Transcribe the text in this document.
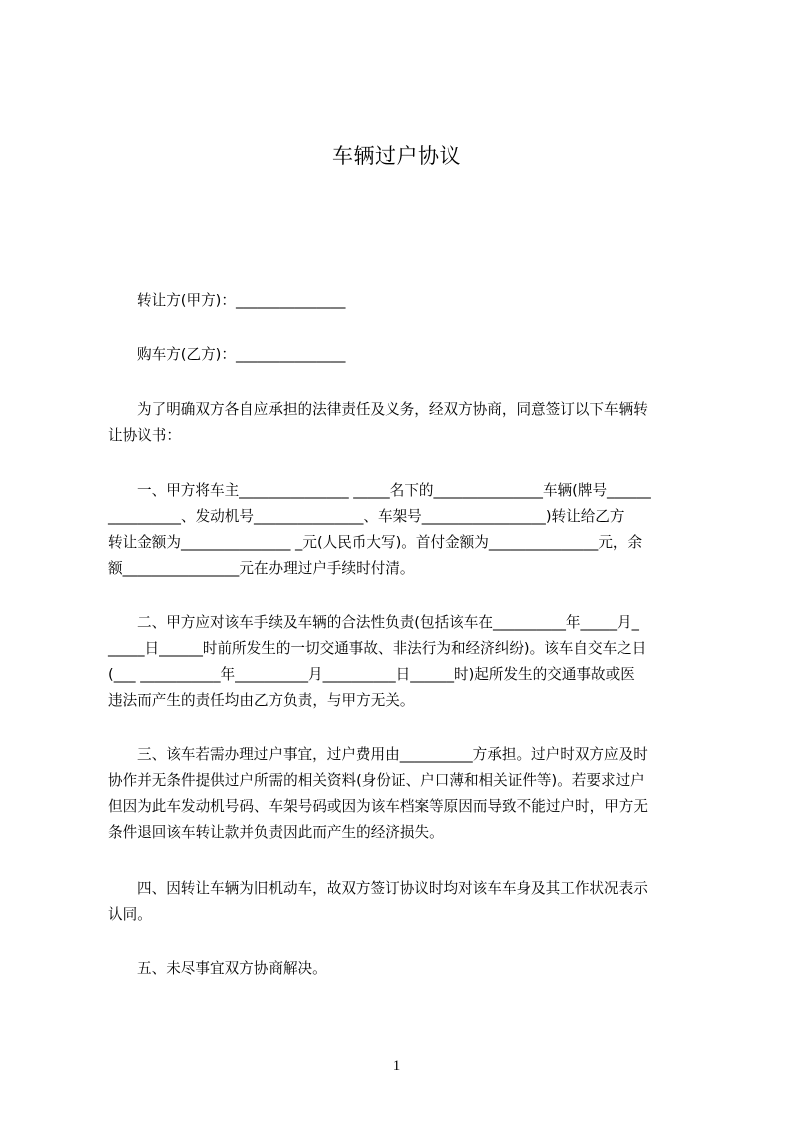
车辆过户协议
转让方(甲方)：_______________
购车方(乙方)：_______________
为了明确双方各自应承担的法律责任及义务，经双方协商，同意签订以下车辆转
让协议书：
一、甲方将车主_______________ _____名下的_______________车辆(牌号______
__________、发动机号_______________、车架号_________________)转让给乙方
转让金额为_______________ _元(人民币大写)。首付金额为_______________元，余
额________________元在办理过户手续时付清。
二、甲方应对该车手续及车辆的合法性负责(包括该车在__________年_____月_
_____日______时前所发生的一切交通事故、非法行为和经济纠纷)。该车自交车之日
(___ ___________年__________月__________日______时)起所发生的交通事故或医
违法而产生的责任均由乙方负责，与甲方无关。
三、该车若需办理过户事宜，过户费用由__________方承担。过户时双方应及时
协作并无条件提供过户所需的相关资料(身份证、户口薄和相关证件等)。若要求过户
但因为此车发动机号码、车架号码或因为该车档案等原因而导致不能过户时，甲方无
条件退回该车转让款并负责因此而产生的经济损失。
四、因转让车辆为旧机动车，故双方签订协议时均对该车车身及其工作状况表示
认同。
五、未尽事宜双方协商解决。
1
